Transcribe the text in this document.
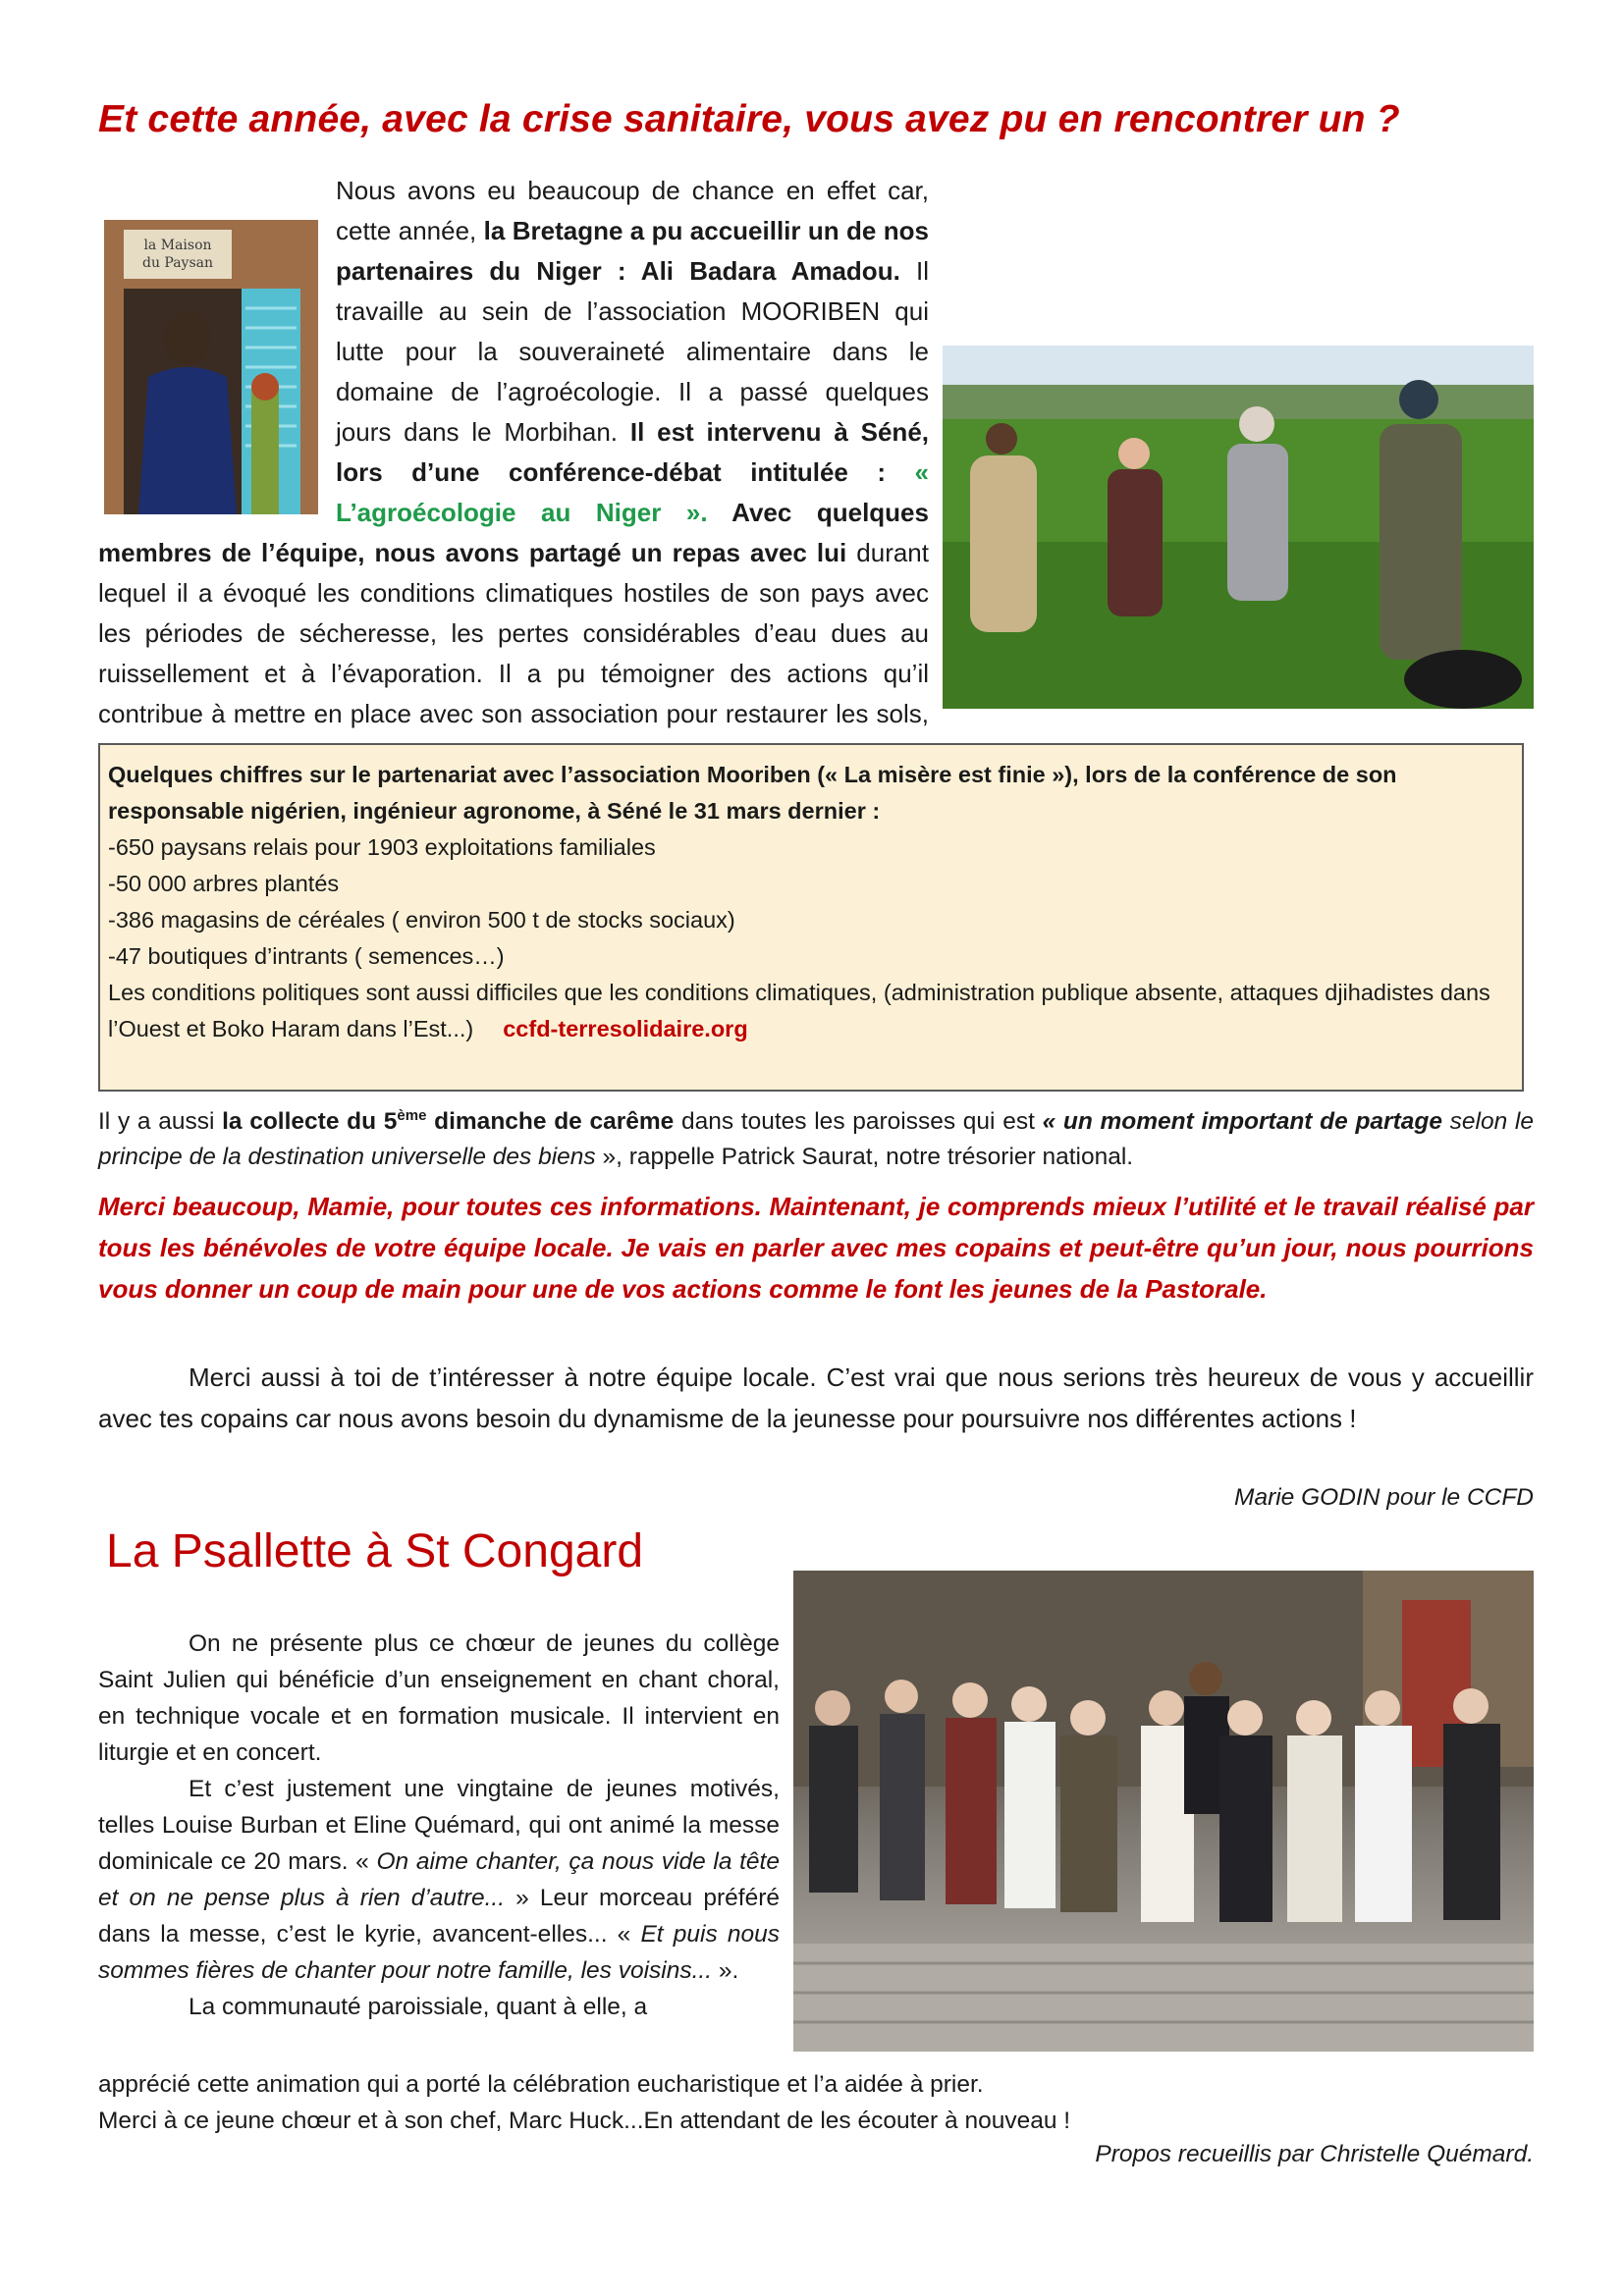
Et cette année, avec la crise sanitaire, vous avez pu en rencontrer un ?
la Maison
du Paysan
Nous avons eu beaucoup de chance en effet car, cette année, la Bretagne a pu accueillir un de nos partenaires du Niger : Ali Badara Amadou. Il travaille au sein de l’association MOORIBEN qui lutte pour la souveraineté alimentaire dans le domaine de l’agroécologie. Il a passé quelques jours dans le Morbihan. Il est intervenu à Séné, lors d’une conférence-débat intitulée : « L’agroécologie au Niger ». Avec quelques membres de l’équipe, nous avons partagé un repas avec lui durant lequel il a évoqué les conditions climatiques hostiles de son pays avec les périodes de sécheresse, les pertes considérables d’eau dues au ruissellement et à l’évaporation. Il a pu témoigner des actions qu’il contribue à mettre en place avec son association pour restaurer les sols,
Quelques chiffres sur le partenariat avec l’association Mooriben (« La misère est finie »), lors de la conférence de son responsable nigérien, ingénieur agronome, à Séné le 31 mars dernier :
-650 paysans relais pour 1903 exploitations familiales
-50 000 arbres plantés
-386 magasins de céréales ( environ 500 t de stocks sociaux)
-47 boutiques d’intrants ( semences…)
Les conditions politiques sont aussi difficiles que les conditions climatiques, (administration publique absente, attaques djihadistes dans l’Ouest et Boko Haram dans l’Est...) ccfd-terresolidaire.org
Il y a aussi la collecte du 5ème dimanche de carême dans toutes les paroisses qui est « un moment important de partage selon le principe de la destination universelle des biens », rappelle Patrick Saurat, notre trésorier national.
Merci beaucoup, Mamie, pour toutes ces informations. Maintenant, je comprends mieux l’utilité et le travail réalisé par tous les bénévoles de votre équipe locale. Je vais en parler avec mes copains et peut-être qu’un jour, nous pourrions vous donner un coup de main pour une de vos actions comme le font les jeunes de la Pastorale.
Merci aussi à toi de t’intéresser à notre équipe locale. C’est vrai que nous serions très heureux de vous y accueillir avec tes copains car nous avons besoin du dynamisme de la jeunesse pour poursuivre nos différentes actions !
Marie GODIN pour le CCFD
La Psallette à St Congard

On ne présente plus ce chœur de jeunes du collège Saint Julien qui bénéficie d’un enseignement en chant choral, en technique vocale et en formation musicale. Il intervient en liturgie et en concert.

Et c’est justement une vingtaine de jeunes motivés, telles Louise Burban et Eline Quémard, qui ont animé la messe dominicale ce 20 mars. « On aime chanter, ça nous vide la tête et on ne pense plus à rien d’autre... » Leur morceau préféré dans la messe, c’est le kyrie, avancent-elles... « Et puis nous sommes fières de chanter pour notre famille, les voisins... ».

La communauté paroissiale, quant à elle, a

apprécié cette animation qui a porté la célébration eucharistique et l’a aidée à prier.
Merci à ce jeune chœur et à son chef, Marc Huck...En attendant de les écouter à nouveau !
Propos recueillis par Christelle Quémard.
